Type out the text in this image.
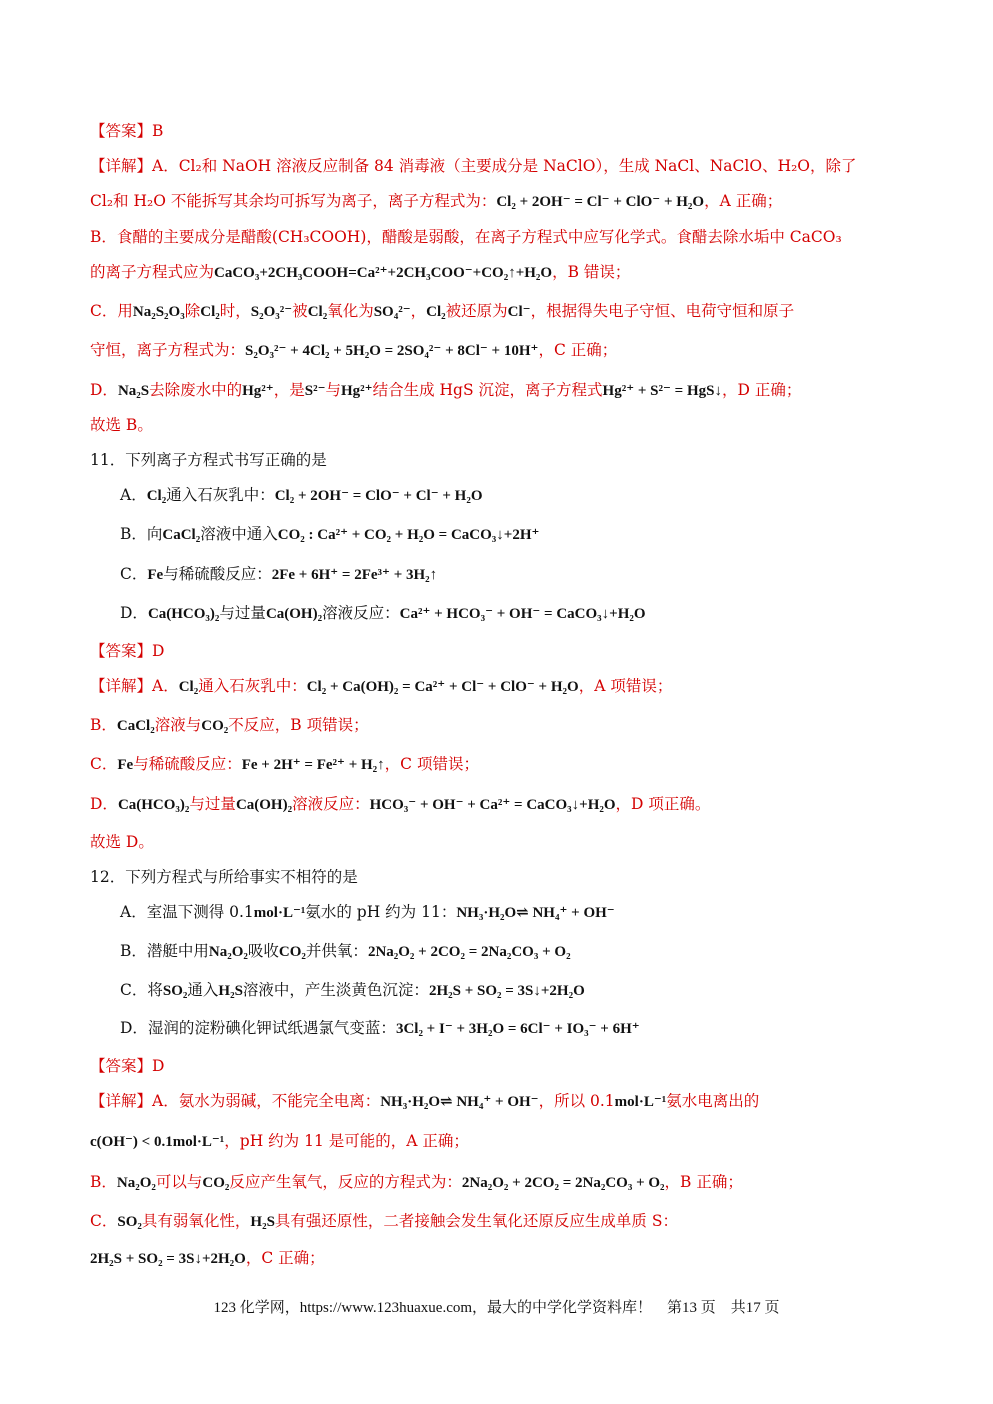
【答案】B
【详解】A．Cl₂和 NaOH 溶液反应制备 84 消毒液（主要成分是 NaClO），生成 NaCl、NaClO、H₂O，除了
Cl₂和 H₂O 不能拆写其余均可拆写为离子，离子方程式为：Cl₂ + 2OH⁻ = Cl⁻ + ClO⁻ + H₂O，A 正确；
B．食醋的主要成分是醋酸(CH₃COOH)，醋酸是弱酸，在离子方程式中应写化学式。食醋去除水垢中 CaCO₃
的离子方程式应为CaCO₃+2CH₃COOH=Ca²⁺+2CH₃COO⁻+CO₂↑+H₂O，B 错误；
C．用Na₂S₂O₃除Cl₂时，S₂O₃²⁻被Cl₂氧化为SO₄²⁻，Cl₂被还原为Cl⁻，根据得失电子守恒、电荷守恒和原子
守恒，离子方程式为：S₂O₃²⁻ + 4Cl₂ + 5H₂O = 2SO₄²⁻ + 8Cl⁻ + 10H⁺，C 正确；
D．Na₂S去除废水中的Hg²⁺，是S²⁻与Hg²⁺结合生成 HgS 沉淀，离子方程式Hg²⁺ + S²⁻ = HgS↓，D 正确；
故选 B。
11．下列离子方程式书写正确的是
A．Cl₂通入石灰乳中：Cl₂ + 2OH⁻ = ClO⁻ + Cl⁻ + H₂O
B．向CaCl₂溶液中通入CO₂ : Ca²⁺ + CO₂ + H₂O = CaCO₃↓+2H⁺
C．Fe与稀硫酸反应：2Fe + 6H⁺ = 2Fe³⁺ + 3H₂↑
D．Ca(HCO₃)₂与过量Ca(OH)₂溶液反应：Ca²⁺ + HCO₃⁻ + OH⁻ = CaCO₃↓+H₂O
【答案】D
【详解】A．Cl₂通入石灰乳中：Cl₂ + Ca(OH)₂ = Ca²⁺ + Cl⁻ + ClO⁻ + H₂O，A 项错误；
B．CaCl₂溶液与CO₂不反应，B 项错误；
C．Fe与稀硫酸反应：Fe + 2H⁺ = Fe²⁺ + H₂↑，C 项错误；
D．Ca(HCO₃)₂与过量Ca(OH)₂溶液反应：HCO₃⁻ + OH⁻ + Ca²⁺ = CaCO₃↓+H₂O，D 项正确。
故选 D。
12．下列方程式与所给事实不相符的是
A．室温下测得 0.1mol·L⁻¹氨水的 pH 约为 11：NH₃·H₂O⇌ NH₄⁺ + OH⁻
B．潜艇中用Na₂O₂吸收CO₂并供氧：2Na₂O₂ + 2CO₂ = 2Na₂CO₃ + O₂
C．将SO₂通入H₂S溶液中，产生淡黄色沉淀：2H₂S + SO₂ = 3S↓+2H₂O
D．湿润的淀粉碘化钾试纸遇氯气变蓝：3Cl₂ + I⁻ + 3H₂O = 6Cl⁻ + IO₃⁻ + 6H⁺
【答案】D
【详解】A．氨水为弱碱，不能完全电离：NH₃·H₂O⇌ NH₄⁺ + OH⁻，所以 0.1mol·L⁻¹氨水电离出的
c(OH⁻) < 0.1mol·L⁻¹，pH 约为 11 是可能的，A 正确；
B．Na₂O₂可以与CO₂反应产生氧气，反应的方程式为：2Na₂O₂ + 2CO₂ = 2Na₂CO₃ + O₂，B 正确；
C．SO₂具有弱氧化性，H₂S具有强还原性，二者接触会发生氧化还原反应生成单质 S：
2H₂S + SO₂ = 3S↓+2H₂O，C 正确；
123 化学网，https://www.123huaxue.com，最大的中学化学资料库！　第13 页　共17 页
